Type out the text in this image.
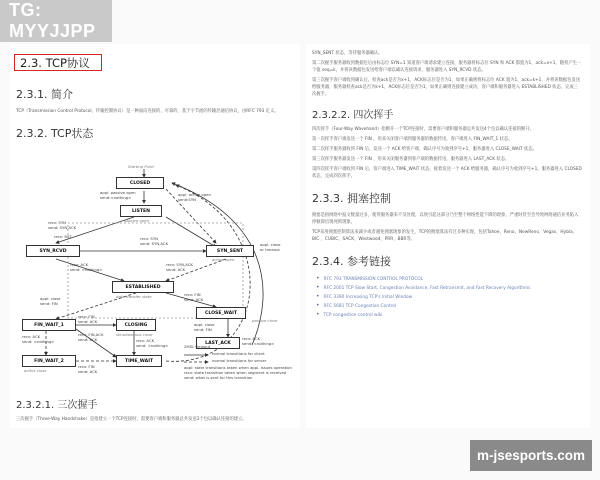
TG: MYYJJPP
2.3. TCP协议
2.3.1. 简介

TCP（Transmission Control Protocol，传输控制协议）是一种面向连接的、可靠的、基于字节流的传输层通信协议，由RFC 793 定义。

2.3.2. TCP状态
Starting Point
CLOSED
appl: passive open
send:<nothing>
appl: active open
send:SYN
LISTEN
passive open
recv: SYN
send: SYN,ACK
recv: RST	recv: SYN
send: SYN,ACK
SYN_RCVD	SYN_SENT
active open
appl: close
or timeout
recv: ACK
send: <nothing>
recv: SYN,ACK
send: ACK
ESTABLISHED
data transfer state
appl: close
send: FIN
recv: FIN
send: ACK
CLOSE_WAIT
appl: close
send: FIN
passive close
FIN_WAIT_1
recv: FIN
send: ACK
CLOSING
simultaneous close
recv: ACK
send: <nothing>
recv: FIN,ACK
send: ACK	recv: ACK
send: <nothing>	LAST_ACK
recv: ACK
send: <nothing>
FIN_WAIT_2
active close
recv: FIN
send: ACK
TIME_WAIT
2MSL timeout
normal transitions for client
normal transitions for server
appl: state transitions taken when appl. issues operation
recv: state transition taken when segment is received
send: what is sent for this transition
2.3.2.1. 三次握手

三次握手（Three-Way Handshake）是指建立一个TCP连接时，需要客户端和服务器总共发送3个包以确认连接的建立。

SYN_SENT 状态，等待服务器确认。

第二次握手服务器收到数据包后由标志位 SYN=1 知道客户端请求建立连接，服务器将标志位 SYN 和 ACK 都置为1，ack=x+1，随机产生一个值 seq=k，并将该数据包发送给客户端以确认连接请求，服务器进入 SYN_RCVD 状态。

第三次握手客户端收到确认后，检查ack是否为x+1，ACK标志位是否为1，如果正确则将标志位 ACK 置为1，ack=k+1，并将该数据包发送给服务器，服务器检查ack是否为k+1，ACK标志位是否为1，如果正确则连接建立成功，客户端和服务器进入 ESTABLISHED 状态，完成三次握手。

2.3.2.2. 四次挥手

四次挥手（Four-Way Wavehand）指断开一个TCP连接时，需要客户端和服务器总共发送4个包以确认连接的断开。

第一次挥手客户端发送一个 FIN ，用来关闭客户端到服务器的数据传送，客户端进入 FIN_WAIT_1 状态。

第二次挥手服务器收到 FIN 后，发送一个 ACK 给客户端，确认序号为收到序号+1，服务器进入 CLOSE_WAIT 状态。

第三次挥手服务器发送一个 FIN ，用来关闭服务器到客户端的数据传送，服务器进入 LAST_ACK 状态。

第四次挥手客户端收到 FIN 后，客户端进入 TIME_WAIT 状态，接着发送一个 ACK 给服务器，确认序号为收到序号+1，服务器进入 CLOSED 状态，完成四次挥手。

2.3.3. 拥塞控制

拥塞是指网络中报文数量过多，使得服务器来不及处理，以致引起这部分乃至整个网络性能下降的现象，严重时甚至会导致网络通信业务陷入停顿即出现死锁现象。

TCP采用拥塞控制算法来减少或者避免拥塞现象的发生，TCP的拥塞算法有过多种实现，包括Tahoe、Reno、NewReno、Vegas、Hybla、BIC 、CUBIC、SACK、Westwood、PRR、BBR等。

2.3.4. 参考链接
• RFC 793 TRANSMISSION CONTROL PROTOCOL
• RFC 2001 TCP Slow Start, Congestion Avoidance, Fast Retransmit, and Fast Recovery Algorithms
• RFC 3390 Increasing TCP's Initial Window
• RFC 5681 TCP Congestion Control
• TCP congestion control wiki
m-jsesports.com
